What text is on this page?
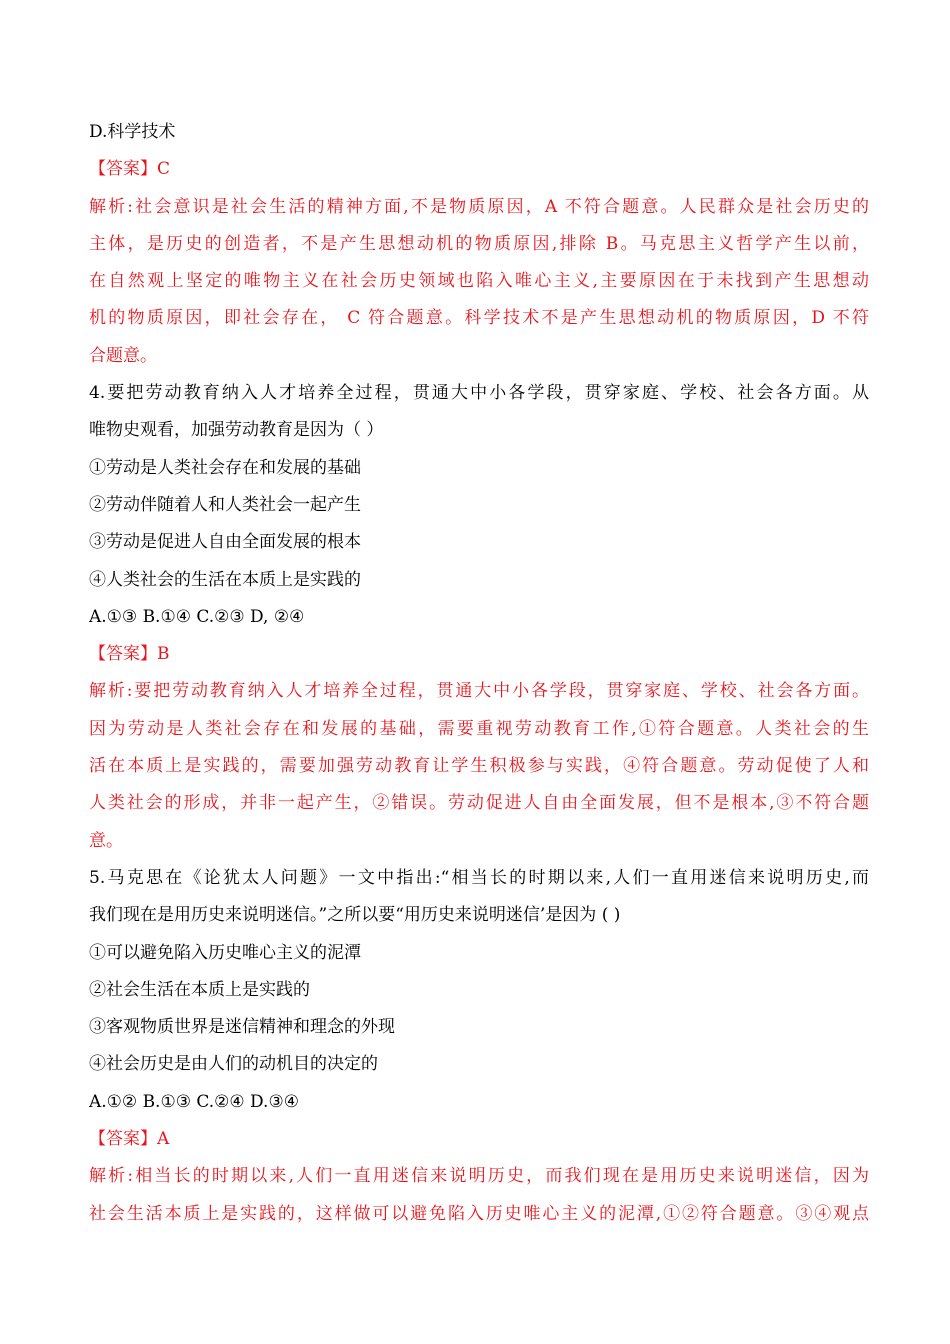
D.科学技术
【答案】C
解析:社会意识是社会生活的精神方面,不是物质原因，A 不符合题意。人民群众是社会历史的
主体，是历史的创造者，不是产生思想动机的物质原因,排除 B。马克思主义哲学产生以前，
在自然观上坚定的唯物主义在社会历史领域也陷入唯心主义,主要原因在于未找到产生思想动
机的物质原因，即社会存在， C 符合题意。科学技术不是产生思想动机的物质原因，D 不符
合题意。
4.要把劳动教育纳入人才培养全过程，贯通大中小各学段，贯穿家庭、学校、社会各方面。从
唯物史观看，加强劳动教育是因为（ ）
①劳动是人类社会存在和发展的基础
②劳动伴随着人和人类社会一起产生
③劳动是促进人自由全面发展的根本
④人类社会的生活在本质上是实践的
A.①③ B.①④ C.②③ D, ②④
【答案】B
解析:要把劳动教育纳入人才培养全过程，贯通大中小各学段，贯穿家庭、学校、社会各方面。
因为劳动是人类社会存在和发展的基础，需要重视劳动教育工作,①符合题意。人类社会的生
活在本质上是实践的，需要加强劳动教育让学生积极参与实践，④符合题意。劳动促使了人和
人类社会的形成，并非一起产生，②错误。劳动促进人自由全面发展，但不是根本,③不符合题
意。
5.马克思在《论犹太人问题》一文中指出:“相当长的时期以来,人们一直用迷信来说明历史,而
我们现在是用历史来说明迷信。”之所以要“用历史来说明迷信’是因为 ( )
①可以避免陷入历史唯心主义的泥潭
②社会生活在本质上是实践的
③客观物质世界是迷信精神和理念的外现
④社会历史是由人们的动机目的决定的
A.①② B.①③ C.②④ D.③④
【答案】A
解析:相当长的时期以来,人们一直用迷信来说明历史，而我们现在是用历史来说明迷信，因为
社会生活本质上是实践的，这样做可以避免陷入历史唯心主义的泥潭,①②符合题意。③④观点
